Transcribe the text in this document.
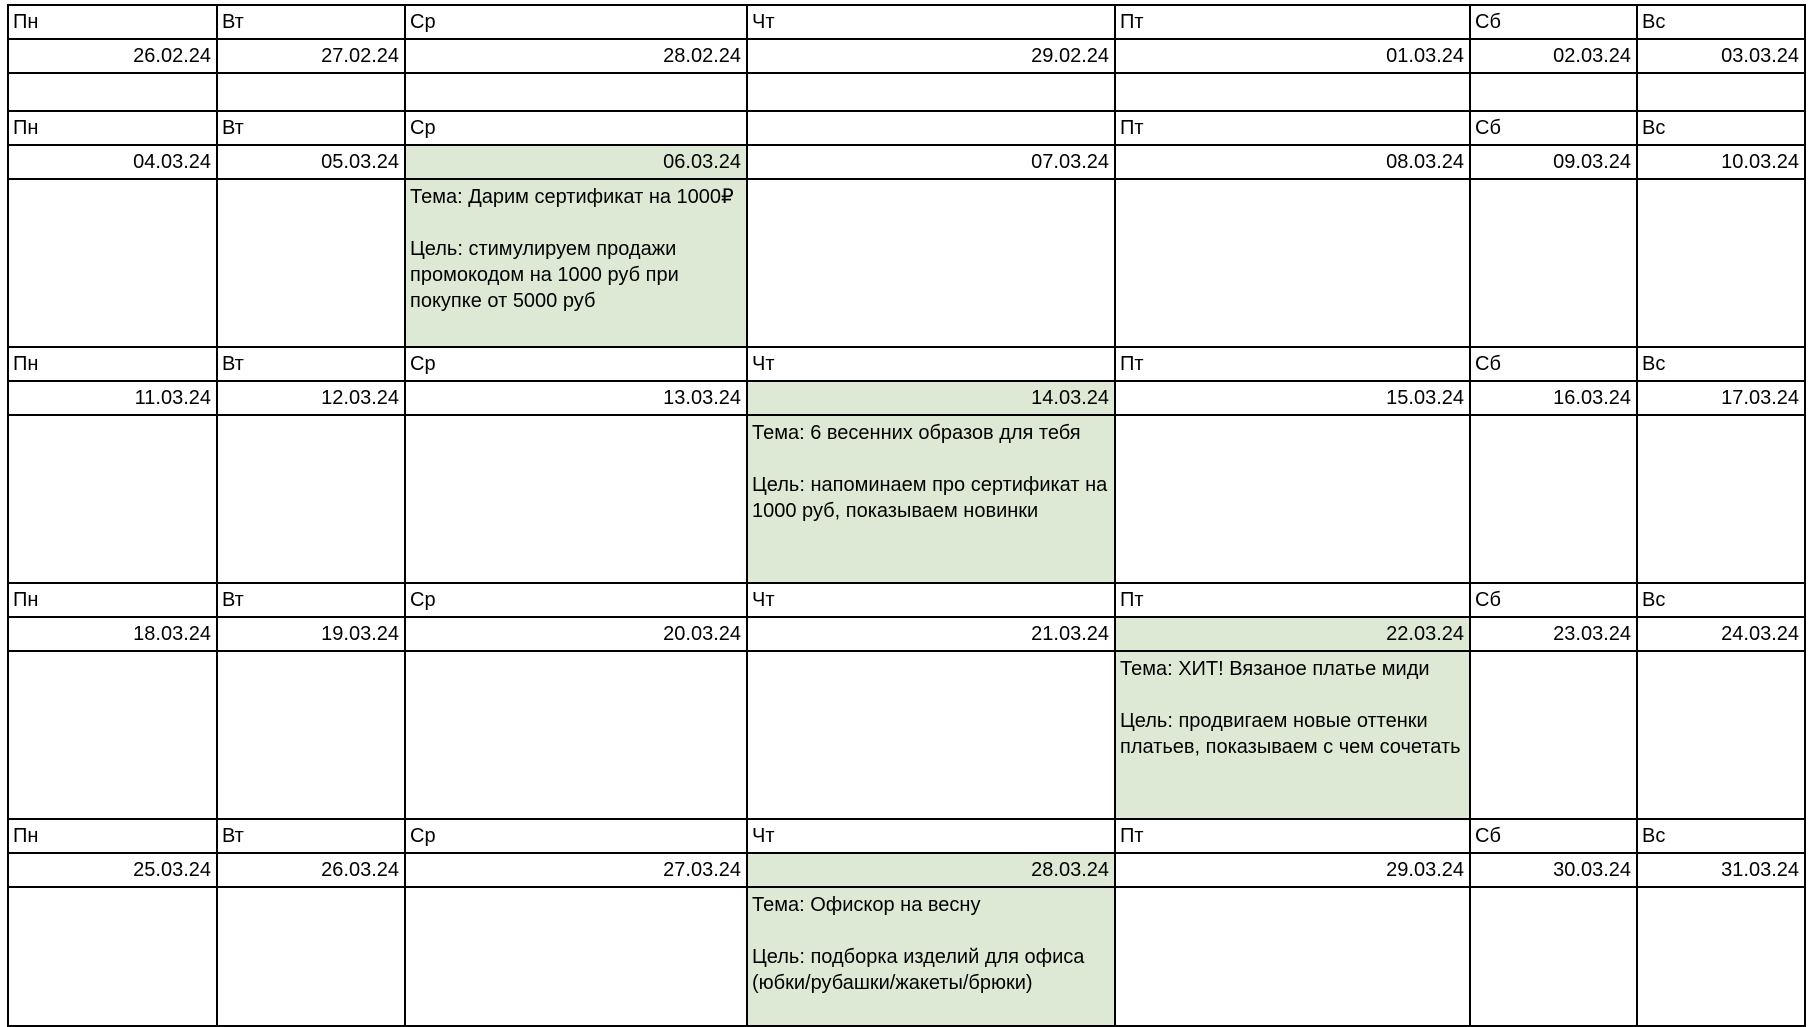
Пн	Вт	Ср	Чт	Пт	Сб	Вс
26.02.24	27.02.24	28.02.24	29.02.24	01.03.24	02.03.24	03.03.24

Пн	Вт	Ср		Пт	Сб	Вс
04.03.24	05.03.24	06.03.24	07.03.24	08.03.24	09.03.24	10.03.24
		Тема: Дарим сертификат на 1000₽

Цель: стимулируем продажи промокодом на 1000 руб при покупке от 5000 руб				
Пн	Вт	Ср	Чт	Пт	Сб	Вс
11.03.24	12.03.24	13.03.24	14.03.24	15.03.24	16.03.24	17.03.24
			Тема: 6 весенних образов для тебя

Цель: напоминаем про сертификат на 1000 руб, показываем новинки			
Пн	Вт	Ср	Чт	Пт	Сб	Вс
18.03.24	19.03.24	20.03.24	21.03.24	22.03.24	23.03.24	24.03.24
				Тема: ХИТ! Вязаное платье миди

Цель: продвигаем новые оттенки платьев, показываем с чем сочетать		
Пн	Вт	Ср	Чт	Пт	Сб	Вс
25.03.24	26.03.24	27.03.24	28.03.24	29.03.24	30.03.24	31.03.24
			Тема: Офискор на весну

Цель: подборка изделий для офиса (юбки/рубашки/жакеты/брюки)			
